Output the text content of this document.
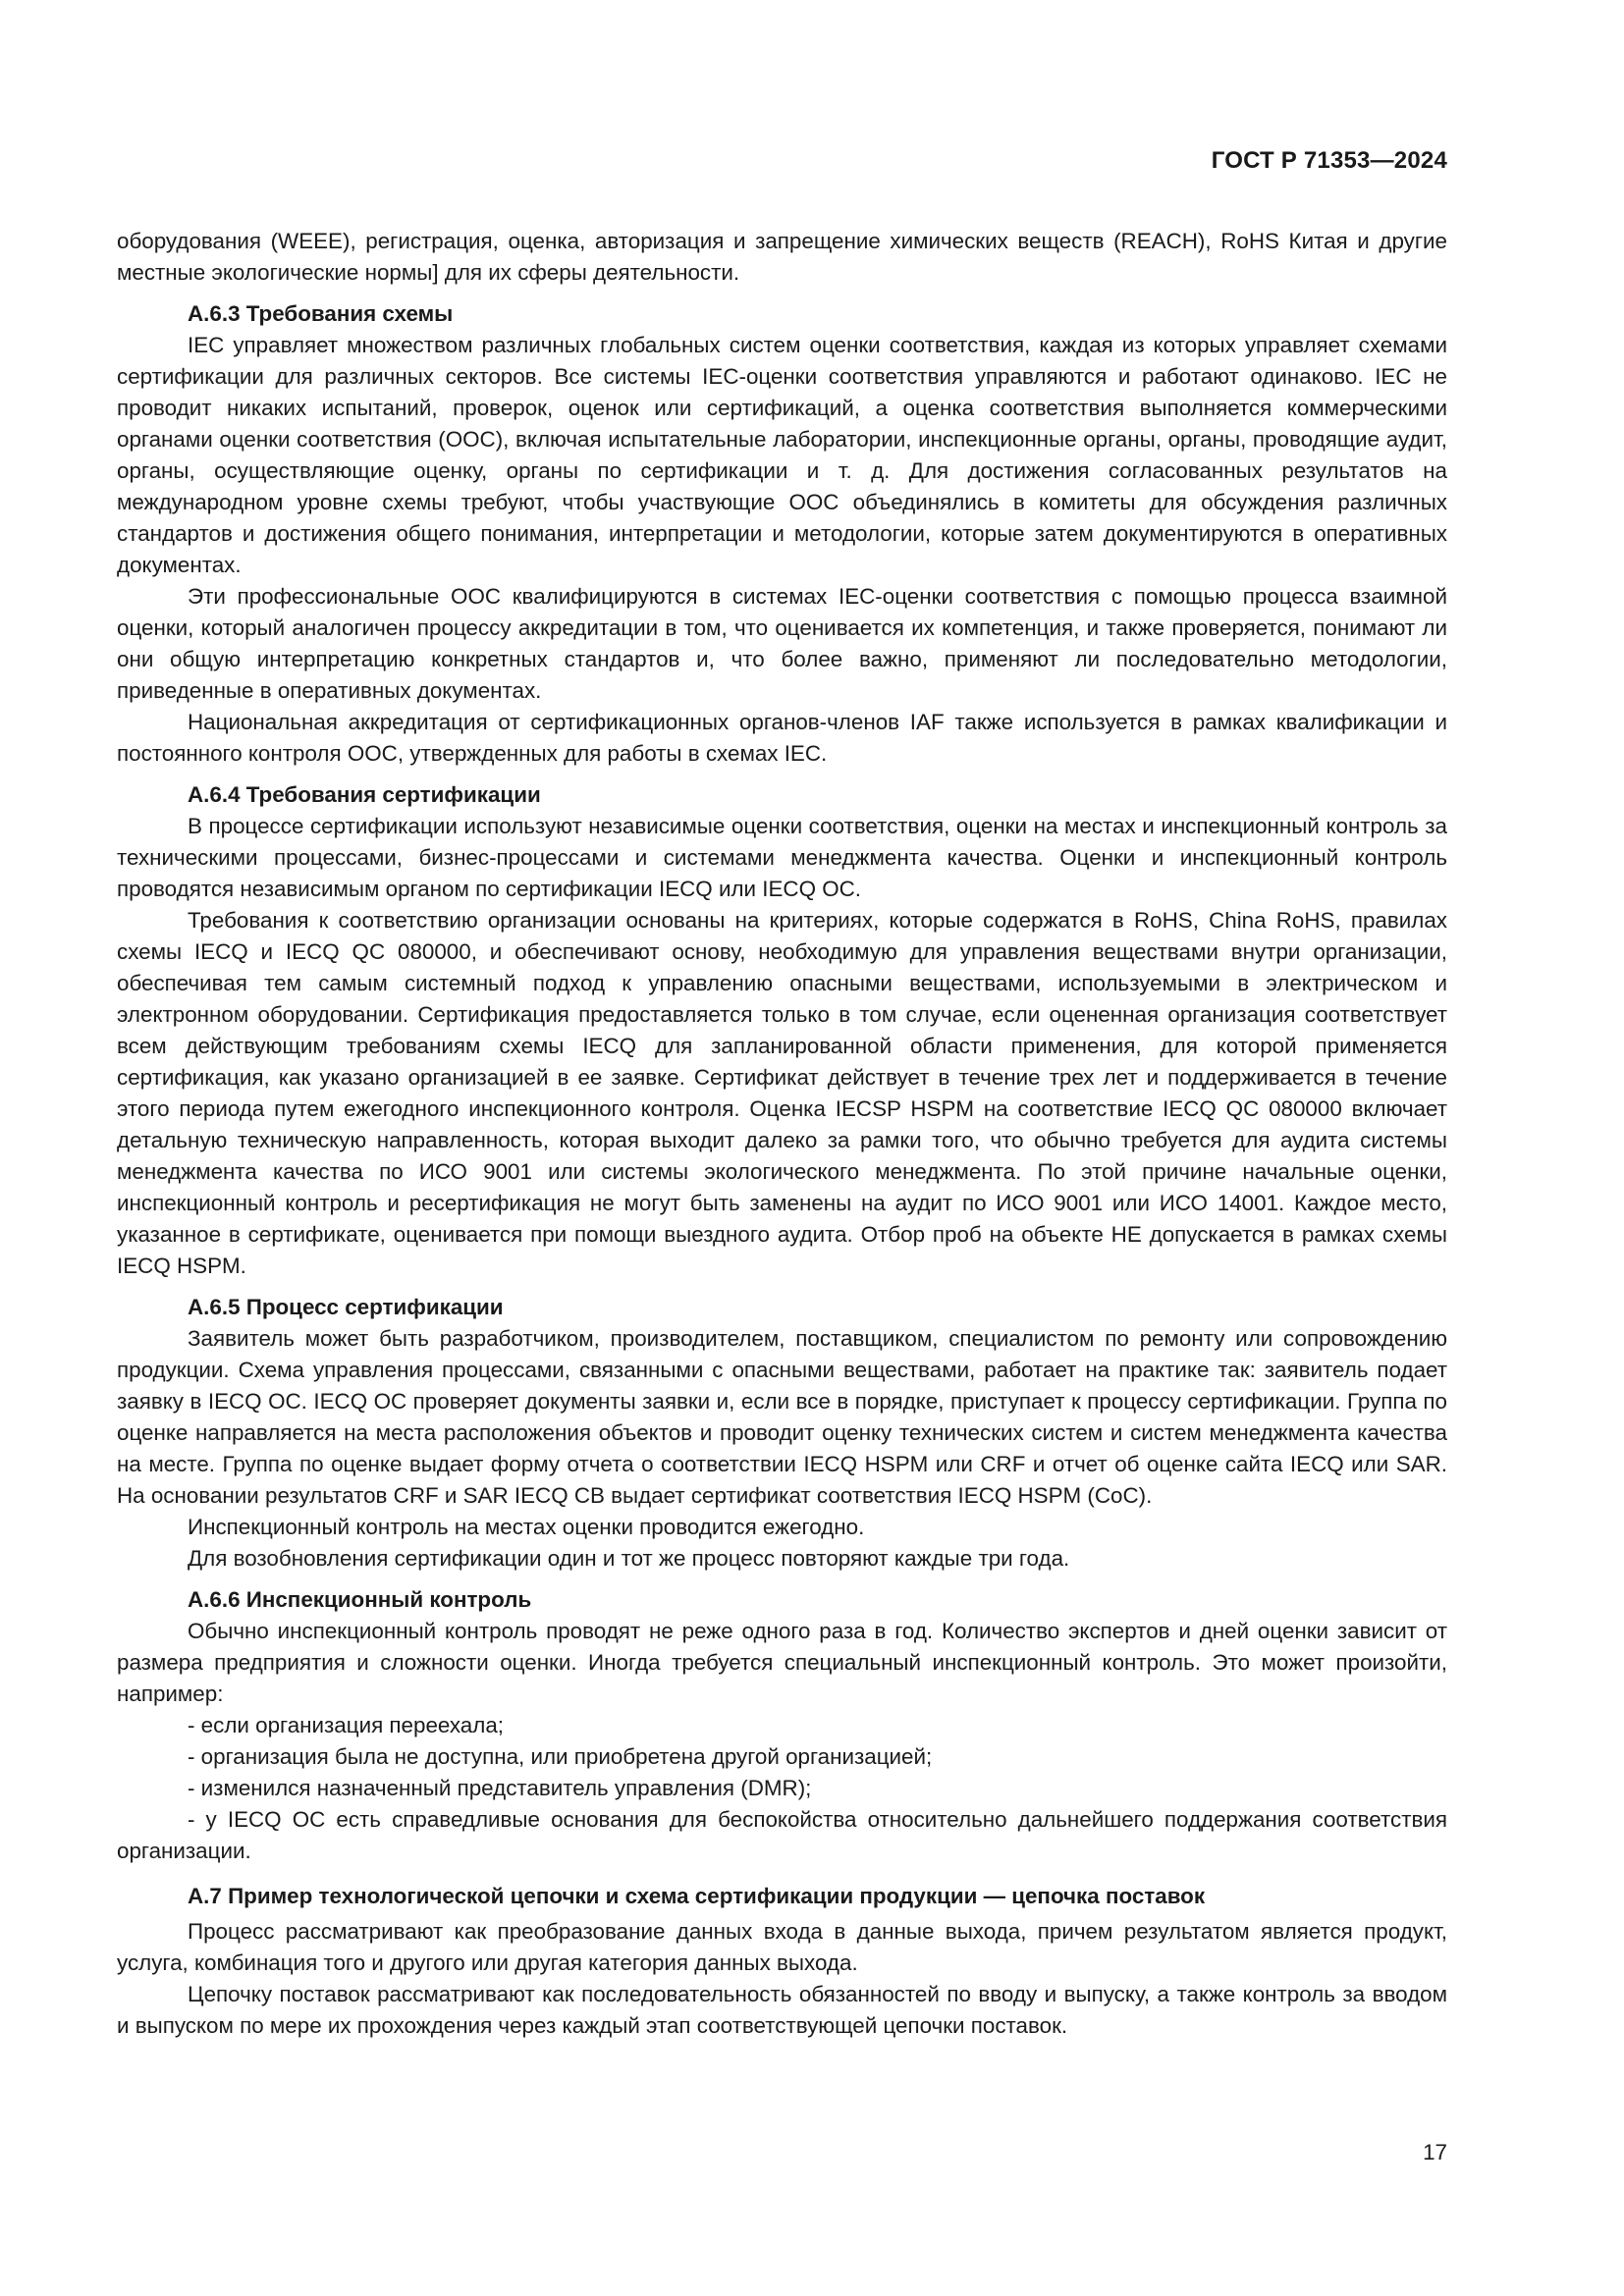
ГОСТ Р 71353—2024

оборудования (WEEE), регистрация, оценка, авторизация и запрещение химических веществ (REACH), RoHS Китая и другие местные экологические нормы] для их сферы деятельности.

А.6.3 Требования схемы

IEC управляет множеством различных глобальных систем оценки соответствия, каждая из которых управляет схемами сертификации для различных секторов. Все системы IEC-оценки соответствия управляются и работают одинаково. IEC не проводит никаких испытаний, проверок, оценок или сертификаций, а оценка соответствия выполняется коммерческими органами оценки соответствия (ООС), включая испытательные лаборатории, инспекционные органы, органы, проводящие аудит, органы, осуществляющие оценку, органы по сертификации и т. д. Для достижения согласованных результатов на международном уровне схемы требуют, чтобы участвующие ООС объединялись в комитеты для обсуждения различных стандартов и достижения общего понимания, интерпретации и методологии, которые затем документируются в оперативных документах.

Эти профессиональные ООС квалифицируются в системах IEC-оценки соответствия с помощью процесса взаимной оценки, который аналогичен процессу аккредитации в том, что оценивается их компетенция, и также проверяется, понимают ли они общую интерпретацию конкретных стандартов и, что более важно, применяют ли последовательно методологии, приведенные в оперативных документах.

Национальная аккредитация от сертификационных органов-членов IAF также используется в рамках квалификации и постоянного контроля ООС, утвержденных для работы в схемах IEC.

А.6.4 Требования сертификации

В процессе сертификации используют независимые оценки соответствия, оценки на местах и инспекционный контроль за техническими процессами, бизнес-процессами и системами менеджмента качества. Оценки и инспекционный контроль проводятся независимым органом по сертификации IECQ или IECQ OC.

Требования к соответствию организации основаны на критериях, которые содержатся в RoHS, China RoHS, правилах схемы IECQ и IECQ QC 080000, и обеспечивают основу, необходимую для управления веществами внутри организации, обеспечивая тем самым системный подход к управлению опасными веществами, используемыми в электрическом и электронном оборудовании. Сертификация предоставляется только в том случае, если оцененная организация соответствует всем действующим требованиям схемы IECQ для запланированной области применения, для которой применяется сертификация, как указано организацией в ее заявке. Сертификат действует в течение трех лет и поддерживается в течение этого периода путем ежегодного инспекционного контроля. Оценка IECSP HSPM на соответствие IECQ QC 080000 включает детальную техническую направленность, которая выходит далеко за рамки того, что обычно требуется для аудита системы менеджмента качества по ИСО 9001 или системы экологического менеджмента. По этой причине начальные оценки, инспекционный контроль и ресертификация не могут быть заменены на аудит по ИСО 9001 или ИСО 14001. Каждое место, указанное в сертификате, оценивается при помощи выездного аудита. Отбор проб на объекте НЕ допускается в рамках схемы IECQ HSPM.

А.6.5 Процесс сертификации

Заявитель может быть разработчиком, производителем, поставщиком, специалистом по ремонту или сопровождению продукции. Схема управления процессами, связанными с опасными веществами, работает на практике так: заявитель подает заявку в IECQ OC. IECQ OC проверяет документы заявки и, если все в порядке, приступает к процессу сертификации. Группа по оценке направляется на места расположения объектов и проводит оценку технических систем и систем менеджмента качества на месте. Группа по оценке выдает форму отчета о соответствии IECQ HSPM или CRF и отчет об оценке сайта IECQ или SAR. На основании результатов CRF и SAR IECQ CB выдает сертификат соответствия IECQ HSPM (CoC).

Инспекционный контроль на местах оценки проводится ежегодно.

Для возобновления сертификации один и тот же процесс повторяют каждые три года.

А.6.6 Инспекционный контроль

Обычно инспекционный контроль проводят не реже одного раза в год. Количество экспертов и дней оценки зависит от размера предприятия и сложности оценки. Иногда требуется специальный инспекционный контроль. Это может произойти, например:

- если организация переехала;

- организация была не доступна, или приобретена другой организацией;

- изменился назначенный представитель управления (DMR);

- у IECQ OC есть справедливые основания для беспокойства относительно дальнейшего поддержания соответствия организации.

А.7 Пример технологической цепочки и схема сертификации продукции — цепочка поставок

Процесс рассматривают как преобразование данных входа в данные выхода, причем результатом является продукт, услуга, комбинация того и другого или другая категория данных выхода.

Цепочку поставок рассматривают как последовательность обязанностей по вводу и выпуску, а также контроль за вводом и выпуском по мере их прохождения через каждый этап соответствующей цепочки поставок.

17
